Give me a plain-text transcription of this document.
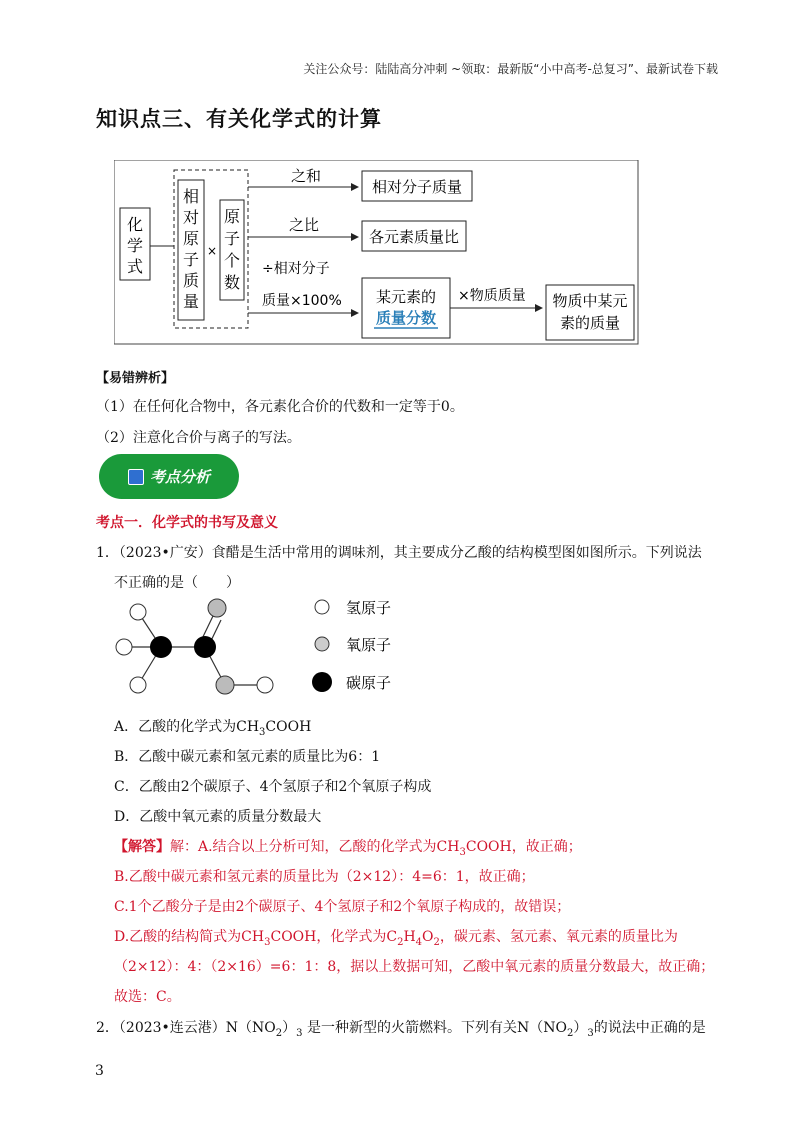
关注公众号：陆陆高分冲刺 ~领取：最新版“小中高考-总复习”、最新试卷下载
知识点三、有关化学式的计算
化
学
式
相
对
原
子
质
量
×
原
子
个
数
之和
之比
÷相对分子
质量×100%
相对分子质量
各元素质量比
某元素的
质量分数
×物质质量 物质中某元
素的质量
【易错辨析】
（1）在任何化合物中，各元素化合价的代数和一定等于0。
（2）注意化合价与离子的写法。
考点分析
考点一．化学式的书写及意义
1．（2023•广安）食醋是生活中常用的调味剂，其主要成分乙酸的结构模型图如图所示。下列说法
不正确的是（　　）
氢原子
氧原子
碳原子
A．乙酸的化学式为$CH_3COOH$
B．乙酸中碳元素和氢元素的质量比为6：1
C．乙酸由2个碳原子、4个氢原子和2个氧原子构成
D．乙酸中氧元素的质量分数最大
【解答】解：A.结合以上分析可知，乙酸的化学式为$CH_3COOH$，故正确；
B.乙酸中碳元素和氢元素的质量比为（2×12）：4=6：1，故正确；
C.1个乙酸分子是由2个碳原子、4个氢原子和2个氧原子构成的，故错误；
D.乙酸的结构简式为$CH_3COOH$，化学式为$C_2H_4O_2$，碳元素、氢元素、氧元素的质量比为
（2×12）：4：（2×16）=6：1：8，据以上数据可知，乙酸中氧元素的质量分数最大，故正确；
故选：C。
2．（2023•连云港）$N(NO_2)_3$ 是一种新型的火箭燃料。下列有关$N(NO_2)_3$的说法中正确的是
3
